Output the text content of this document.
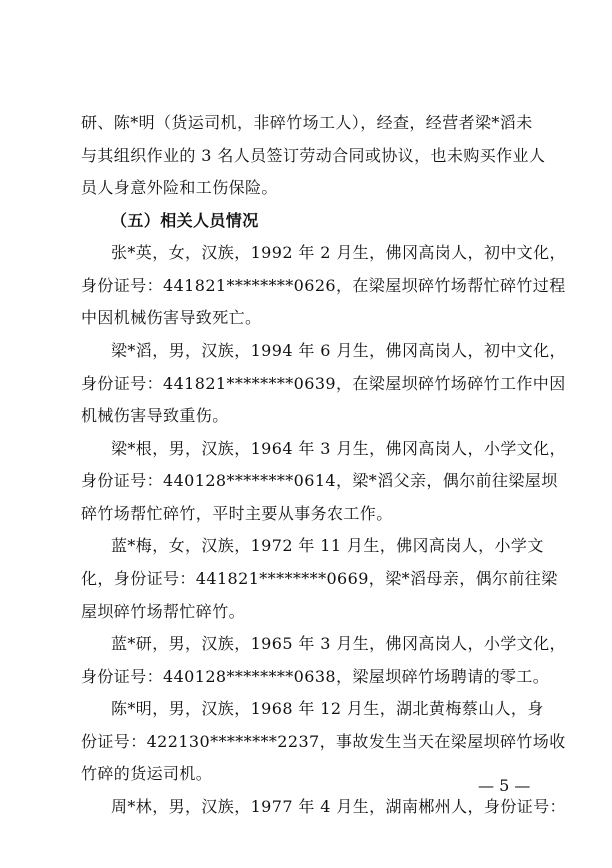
研、陈*明（货运司机，非碎竹场工人），经查，经营者梁*滔未
与其组织作业的 3 名人员签订劳动合同或协议，也未购买作业人
员人身意外险和工伤保险。
（五）相关人员情况
张*英，女，汉族，1992 年 2 月生，佛冈高岗人，初中文化，
身份证号：441821********0626，在梁屋坝碎竹场帮忙碎竹过程
中因机械伤害导致死亡。
梁*滔，男，汉族，1994 年 6 月生，佛冈高岗人，初中文化，
身份证号：441821********0639，在梁屋坝碎竹场碎竹工作中因
机械伤害导致重伤。
梁*根，男，汉族，1964 年 3 月生，佛冈高岗人，小学文化，
身份证号：440128********0614，梁*滔父亲，偶尔前往梁屋坝
碎竹场帮忙碎竹，平时主要从事务农工作。
蓝*梅，女，汉族，1972 年 11 月生，佛冈高岗人，小学文
化，身份证号：441821********0669，梁*滔母亲，偶尔前往梁
屋坝碎竹场帮忙碎竹。
蓝*研，男，汉族，1965 年 3 月生，佛冈高岗人，小学文化，
身份证号：440128********0638，梁屋坝碎竹场聘请的零工。
陈*明，男，汉族，1968 年 12 月生，湖北黄梅蔡山人，身
份证号：422130********2237，事故发生当天在梁屋坝碎竹场收
竹碎的货运司机。
周*林，男，汉族，1977 年 4 月生，湖南郴州人，身份证号：
— 5 —
